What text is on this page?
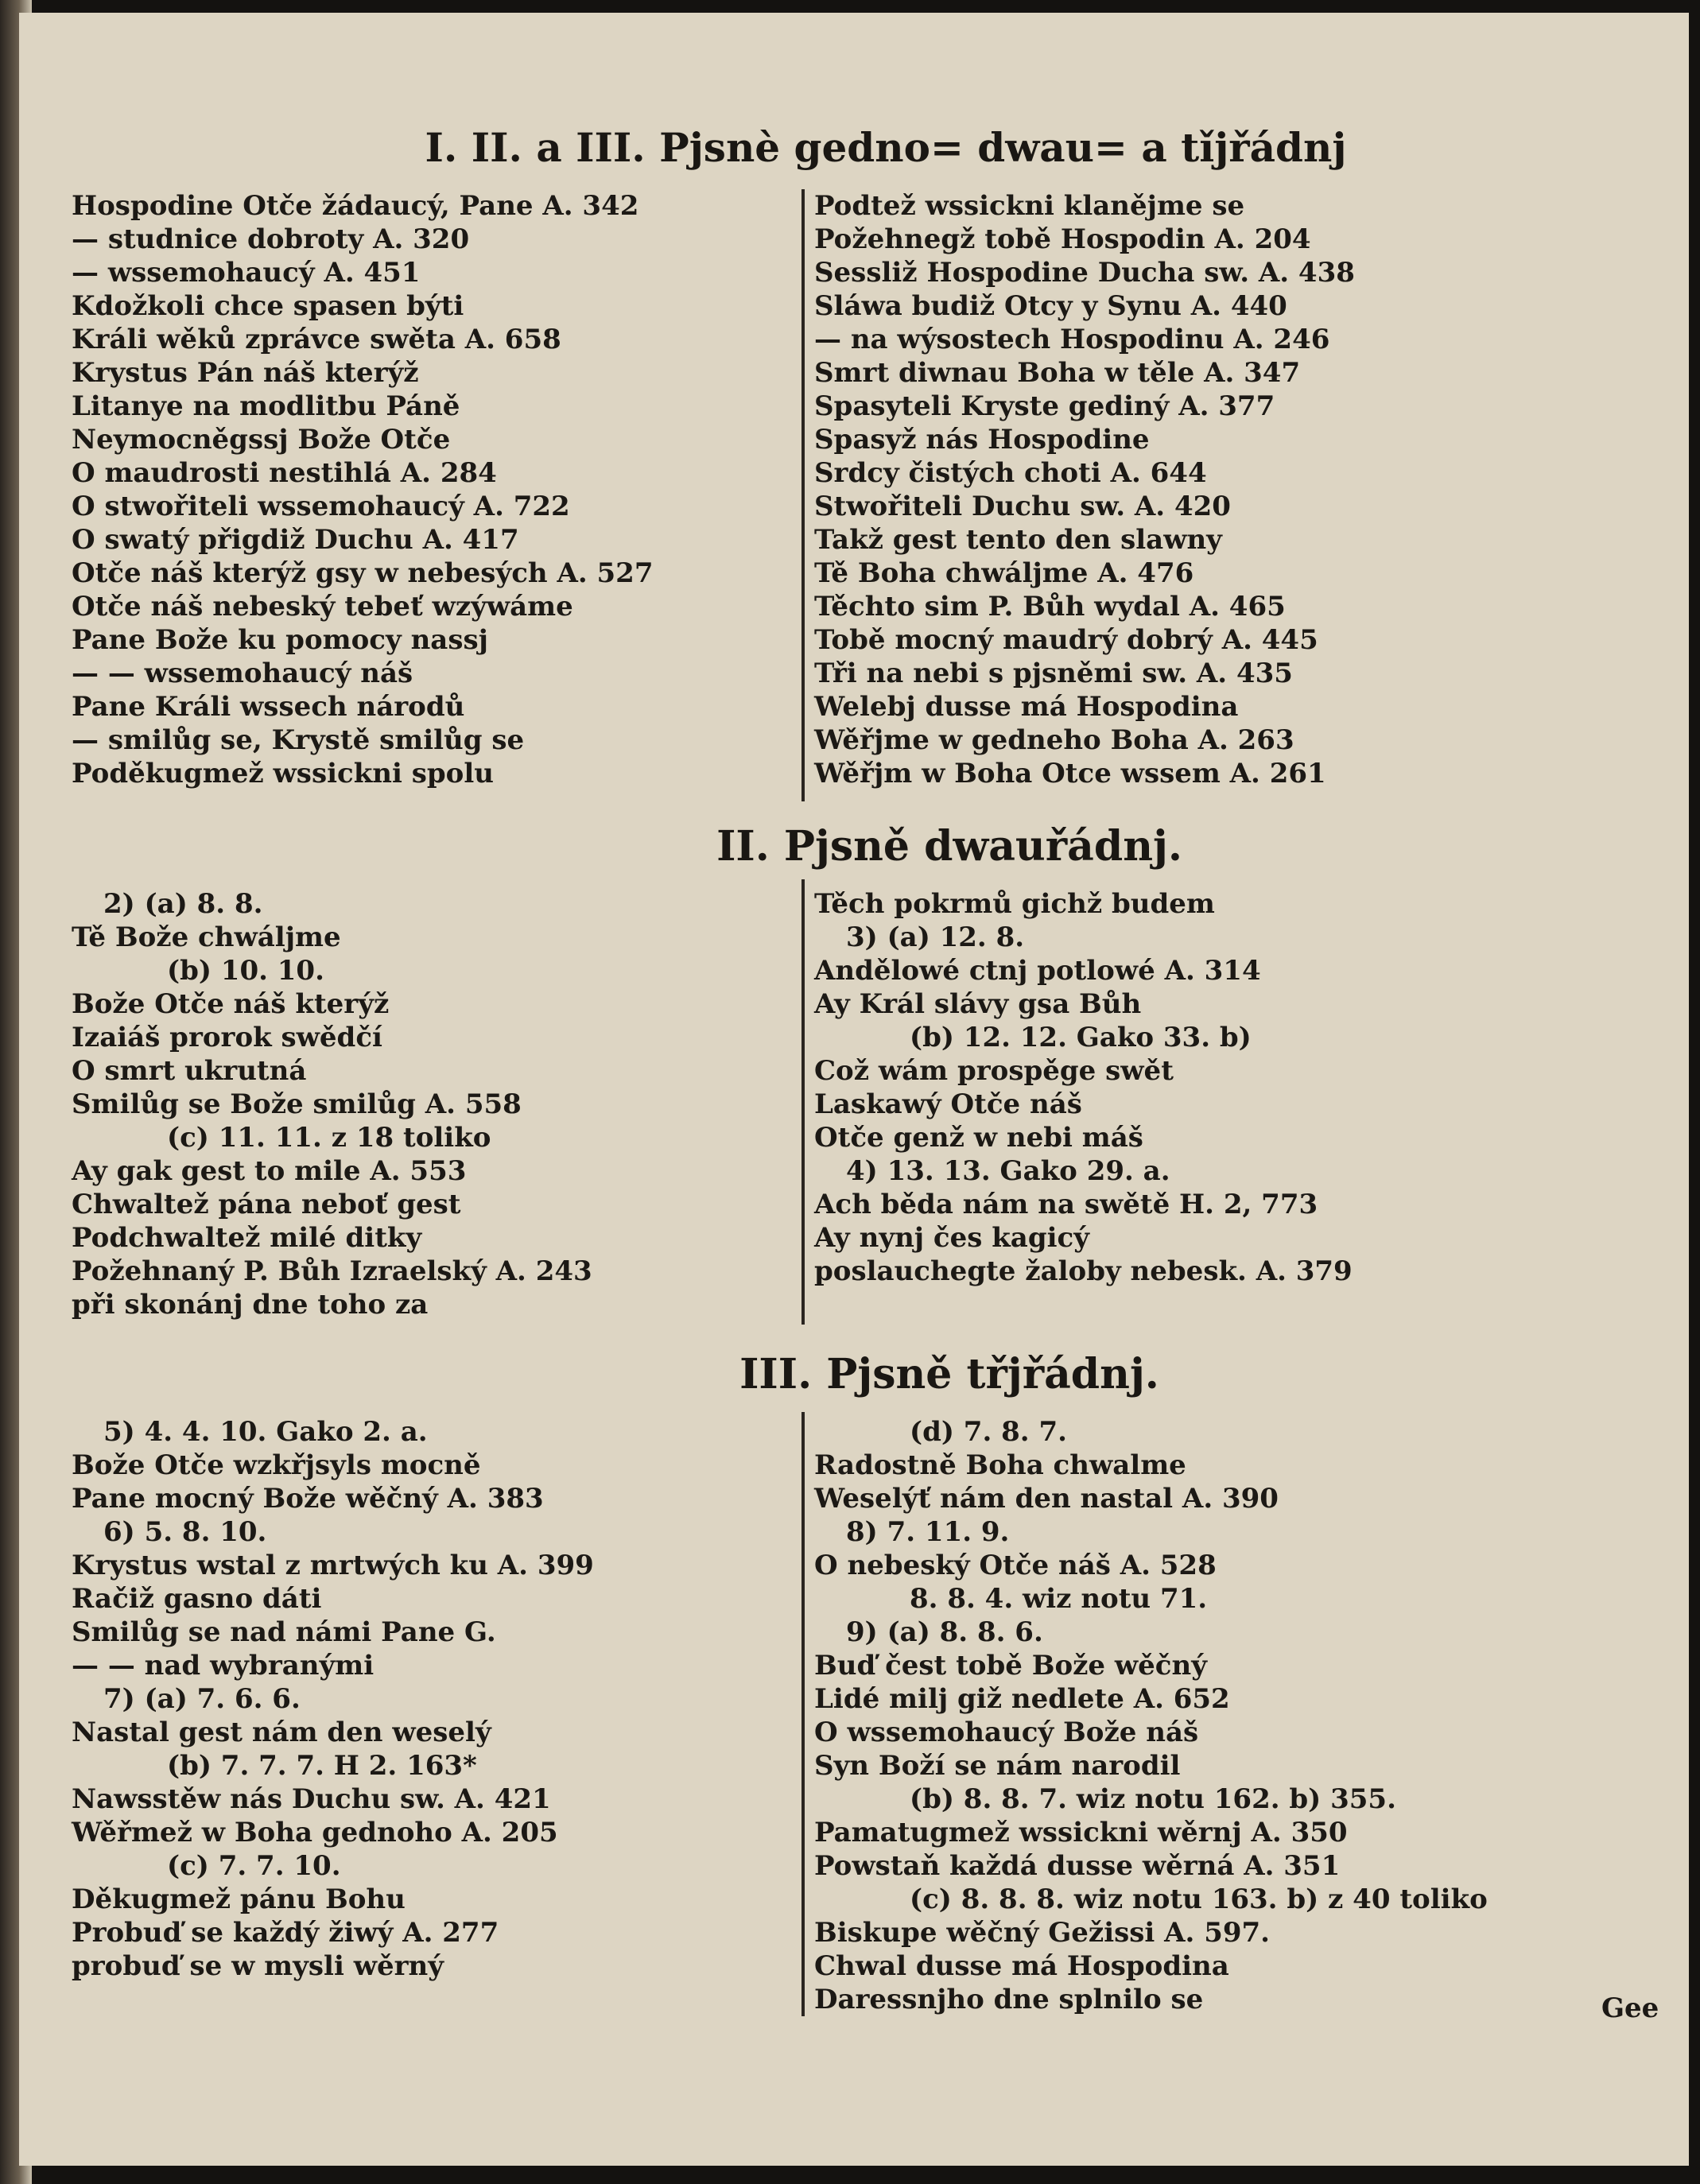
I. II. a III. Pjsnè gedno= dwau= a tǐjřádnj
Hospodine Otče žádaucý, Pane A. 342
— studnice dobroty A. 320
— wssemohaucý A. 451
Kdožkoli chce spasen býti
Králi wěků zprávce swěta A. 658
Krystus Pán náš kterýž
Litanye na modlitbu Páně
Neymocněgssj Bože Otče
O maudrosti nestihlá A. 284
O stwořiteli wssemohaucý A. 722
O swatý přigdiž Duchu A. 417
Otče náš kterýž gsy w nebesých A. 527
Otče náš nebeský tebeť wzýwáme
Pane Bože ku pomocy nassj
— — wssemohaucý náš
Pane Králi wssech národů
— smilůg se, Krystě smilůg se
Poděkugmež wssickni spolu
Podtež wssickni klanějme se
Požehnegž tobě Hospodin A. 204
Sessliž Hospodine Ducha sw. A. 438
Sláwa budiž Otcy y Synu A. 440
— na wýsostech Hospodinu A. 246
Smrt diwnau Boha w těle A. 347
Spasyteli Kryste gediný A. 377
Spasyž nás Hospodine
Srdcy čistých choti A. 644
Stwořiteli Duchu sw. A. 420
Takž gest tento den slawny
Tě Boha chwáljme A. 476
Těchto sim P. Bůh wydal A. 465
Tobě mocný maudrý dobrý A. 445
Tři na nebi s pjsněmi sw. A. 435
Welebj dusse má Hospodina
Wěřjme w gedneho Boha A. 263
Wěřjm w Boha Otce wssem A. 261
II. Pjsně dwauřádnj.
2) (a) 8. 8.
Tě Bože chwáljme
(b) 10. 10.
Bože Otče náš kterýž
Izaiáš prorok swědčí
O smrt ukrutná
Smilůg se Bože smilůg A. 558
(c) 11. 11. z 18 toliko
Ay gak gest to mile A. 553
Chwaltež pána neboť gest
Podchwaltež milé ditky
Požehnaný P. Bůh Izraelský A. 243
při skonánj dne toho za
Těch pokrmů gichž budem
3) (a) 12. 8.
Andělowé ctnj potlowé A. 314
Ay Král slávy gsa Bůh
(b) 12. 12. Gako 33. b)
Což wám prospěge swět
Laskawý Otče náš
Otče genž w nebi máš
4) 13. 13. Gako 29. a.
Ach běda nám na swětě H. 2, 773
Ay nynj čes kagicý
poslauchegte žaloby nebesk. A. 379
III. Pjsně třjřádnj.
5) 4. 4. 10. Gako 2. a.
Bože Otče wzkřjsyls mocně
Pane mocný Bože wěčný A. 383
6) 5. 8. 10.
Krystus wstal z mrtwých ku A. 399
Račiž gasno dáti
Smilůg se nad námi Pane G.
— — nad wybranými
7) (a) 7. 6. 6.
Nastal gest nám den weselý
(b) 7. 7. 7. H 2. 163*
Nawsstěw nás Duchu sw. A. 421
Wěřmež w Boha gednoho A. 205
(c) 7. 7. 10.
Děkugmež pánu Bohu
Probuď se každý žiwý A. 277
probuď se w mysli wěrný
(d) 7. 8. 7.
Radostně Boha chwalme
Weselýť nám den nastal A. 390
8) 7. 11. 9.
O nebeský Otče náš A. 528
8. 8. 4. wiz notu 71.
9) (a) 8. 8. 6.
Buď čest tobě Bože wěčný
Lidé milj giž nedlete A. 652
O wssemohaucý Bože náš
Syn Boží se nám narodil
(b) 8. 8. 7. wiz notu 162. b) 355.
Pamatugmež wssickni wěrnj A. 350
Powstaň každá dusse wěrná A. 351
(c) 8. 8. 8. wiz notu 163. b) z 40 toliko
Biskupe wěčný Gežissi A. 597.
Chwal dusse má Hospodina
Daressnjho dne splnilo se	Gee
